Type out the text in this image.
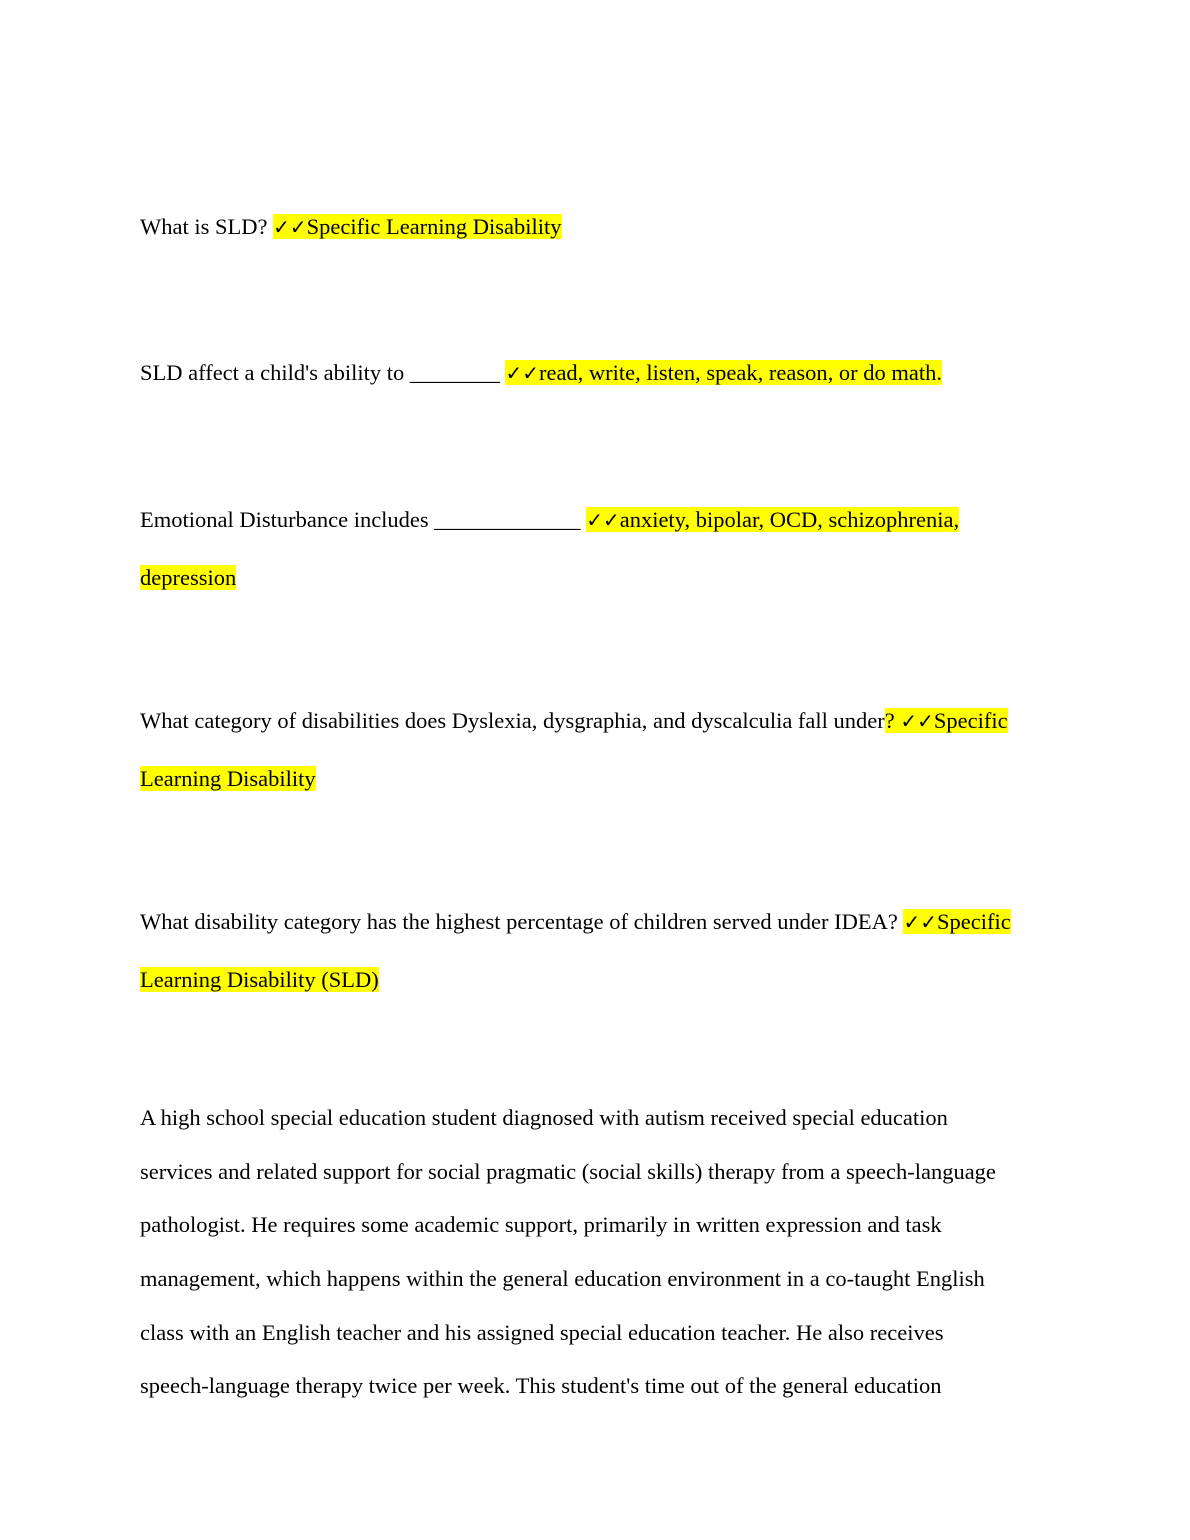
What is SLD? ✓✓Specific Learning Disability
SLD affect a child's ability to ________ ✓✓read, write, listen, speak, reason, or do math.
Emotional Disturbance includes _____________ ✓✓anxiety, bipolar, OCD, schizophrenia,
depression
What category of disabilities does Dyslexia, dysgraphia, and dyscalculia fall under? ✓✓Specific
Learning Disability
What disability category has the highest percentage of children served under IDEA? ✓✓Specific
Learning Disability (SLD)
A high school special education student diagnosed with autism received special education
services and related support for social pragmatic (social skills) therapy from a speech-language
pathologist. He requires some academic support, primarily in written expression and task
management, which happens within the general education environment in a co-taught English
class with an English teacher and his assigned special education teacher. He also receives
speech-language therapy twice per week. This student's time out of the general education
